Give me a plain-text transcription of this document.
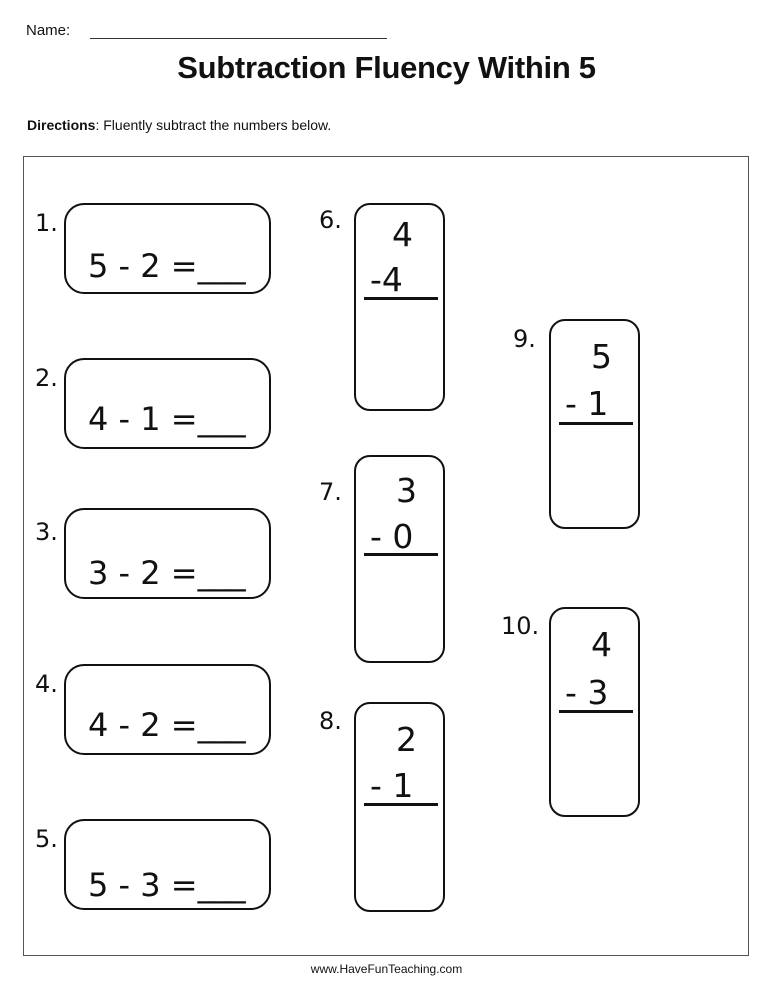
Name:
Subtraction Fluency Within 5
Directions: Fluently subtract the numbers below.
1.
5 - 2 =___
2.
4 - 1 =___
3.
3 - 2 =___
4.
4 - 2 =___
5.
5 - 3 =___
6. 4
-4
7. 3
- 0
8. 2
- 1
9. 5
- 1
10. 4
- 3
www.HaveFunTeaching.com
